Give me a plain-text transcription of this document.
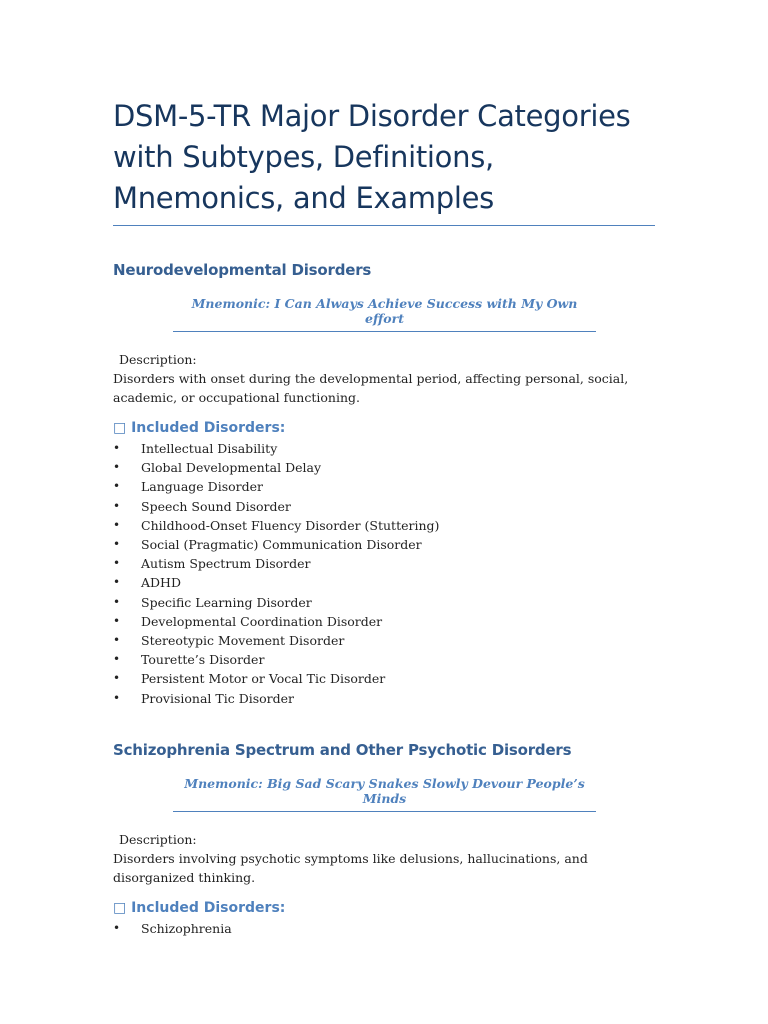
DSM-5-TR Major Disorder Categories with Subtypes, Definitions, Mnemonics, and Examples
Neurodevelopmental Disorders

Mnemonic: I Can Always Achieve Success with My Own effort

Description:

Disorders with onset during the developmental period, affecting personal, social, academic, or occupational functioning.

□ Included Disorders:
• Intellectual Disability
• Global Developmental Delay
• Language Disorder
• Speech Sound Disorder
• Childhood-Onset Fluency Disorder (Stuttering)
• Social (Pragmatic) Communication Disorder
• Autism Spectrum Disorder
• ADHD
• Specific Learning Disorder
• Developmental Coordination Disorder
• Stereotypic Movement Disorder
• Tourette’s Disorder
• Persistent Motor or Vocal Tic Disorder
• Provisional Tic Disorder
Schizophrenia Spectrum and Other Psychotic Disorders

Mnemonic: Big Sad Scary Snakes Slowly Devour People’s Minds

Description:

Disorders involving psychotic symptoms like delusions, hallucinations, and disorganized thinking.

□ Included Disorders:
• Schizophrenia
